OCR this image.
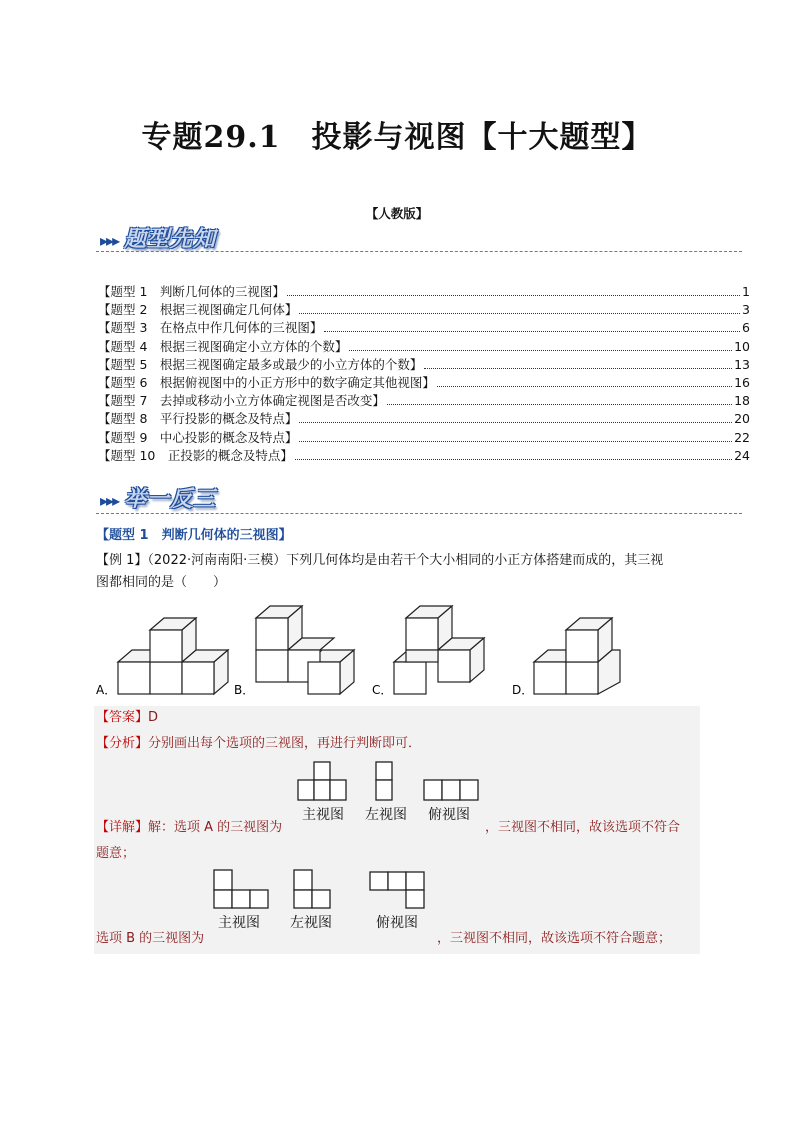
专题29.1　投影与视图【十大题型】
【人教版】
▸▸▸ 题型先知
【题型 1　判断几何体的三视图】	1
【题型 2　根据三视图确定几何体】	3
【题型 3　在格点中作几何体的三视图】	6
【题型 4　根据三视图确定小立方体的个数】	10
【题型 5　根据三视图确定最多或最少的小立方体的个数】	13
【题型 6　根据俯视图中的小正方形中的数字确定其他视图】	16
【题型 7　去掉或移动小立方体确定视图是否改变】	18
【题型 8　平行投影的概念及特点】	20
【题型 9　中心投影的概念及特点】	22
【题型 10　正投影的概念及特点】	24
▸▸▸ 举一反三
【题型 1　判断几何体的三视图】
【例 1】（2022·河南南阳·三模）下列几何体均是由若干个大小相同的小正方体搭建而成的，其三视
图都相同的是（　　）
A．	B．	C．	D．
【答案】D
【分析】分别画出每个选项的三视图，再进行判断即可．
主视图 左视图 俯视图
【详解】解：选项 A 的三视图为	，三视图不相同，故该选项不符合
题意；
主视图 左视图	俯视图
选项 B 的三视图为	，三视图不相同，故该选项不符合题意；
